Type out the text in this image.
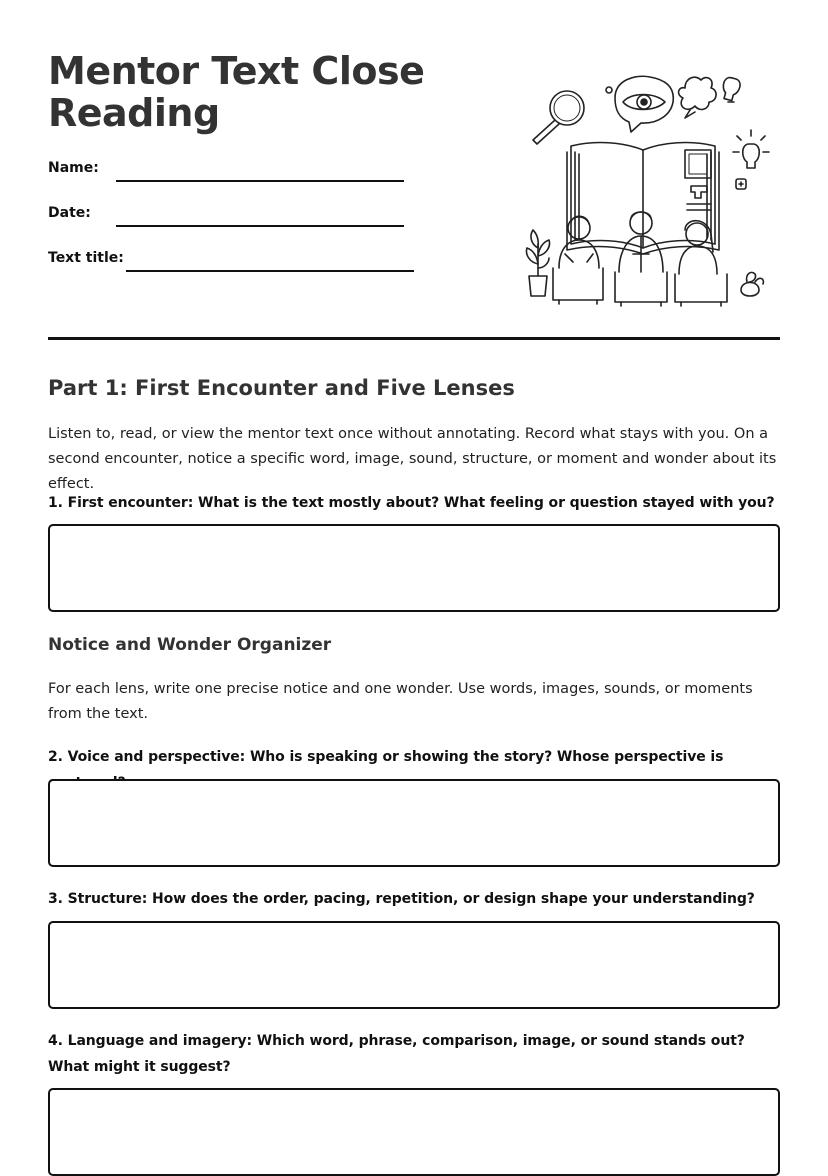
Mentor Text Close Reading
Name:
Date:
Text title:
Part 1: First Encounter and Five Lenses

Listen to, read, or view the mentor text once without annotating. Record what stays with you. On a second encounter, notice a specific word, image, sound, structure, or moment and wonder about its effect.

1. First encounter: What is the text mostly about? What feeling or question stayed with you?

Notice and Wonder Organizer

For each lens, write one precise notice and one wonder. Use words, images, sounds, or moments from the text.

2. Voice and perspective: Who is speaking or showing the story? Whose perspective is

3. Structure: How does the order, pacing, repetition, or design shape your understanding?

4. Language and imagery: Which word, phrase, comparison, image, or sound stands out? What might it suggest?
